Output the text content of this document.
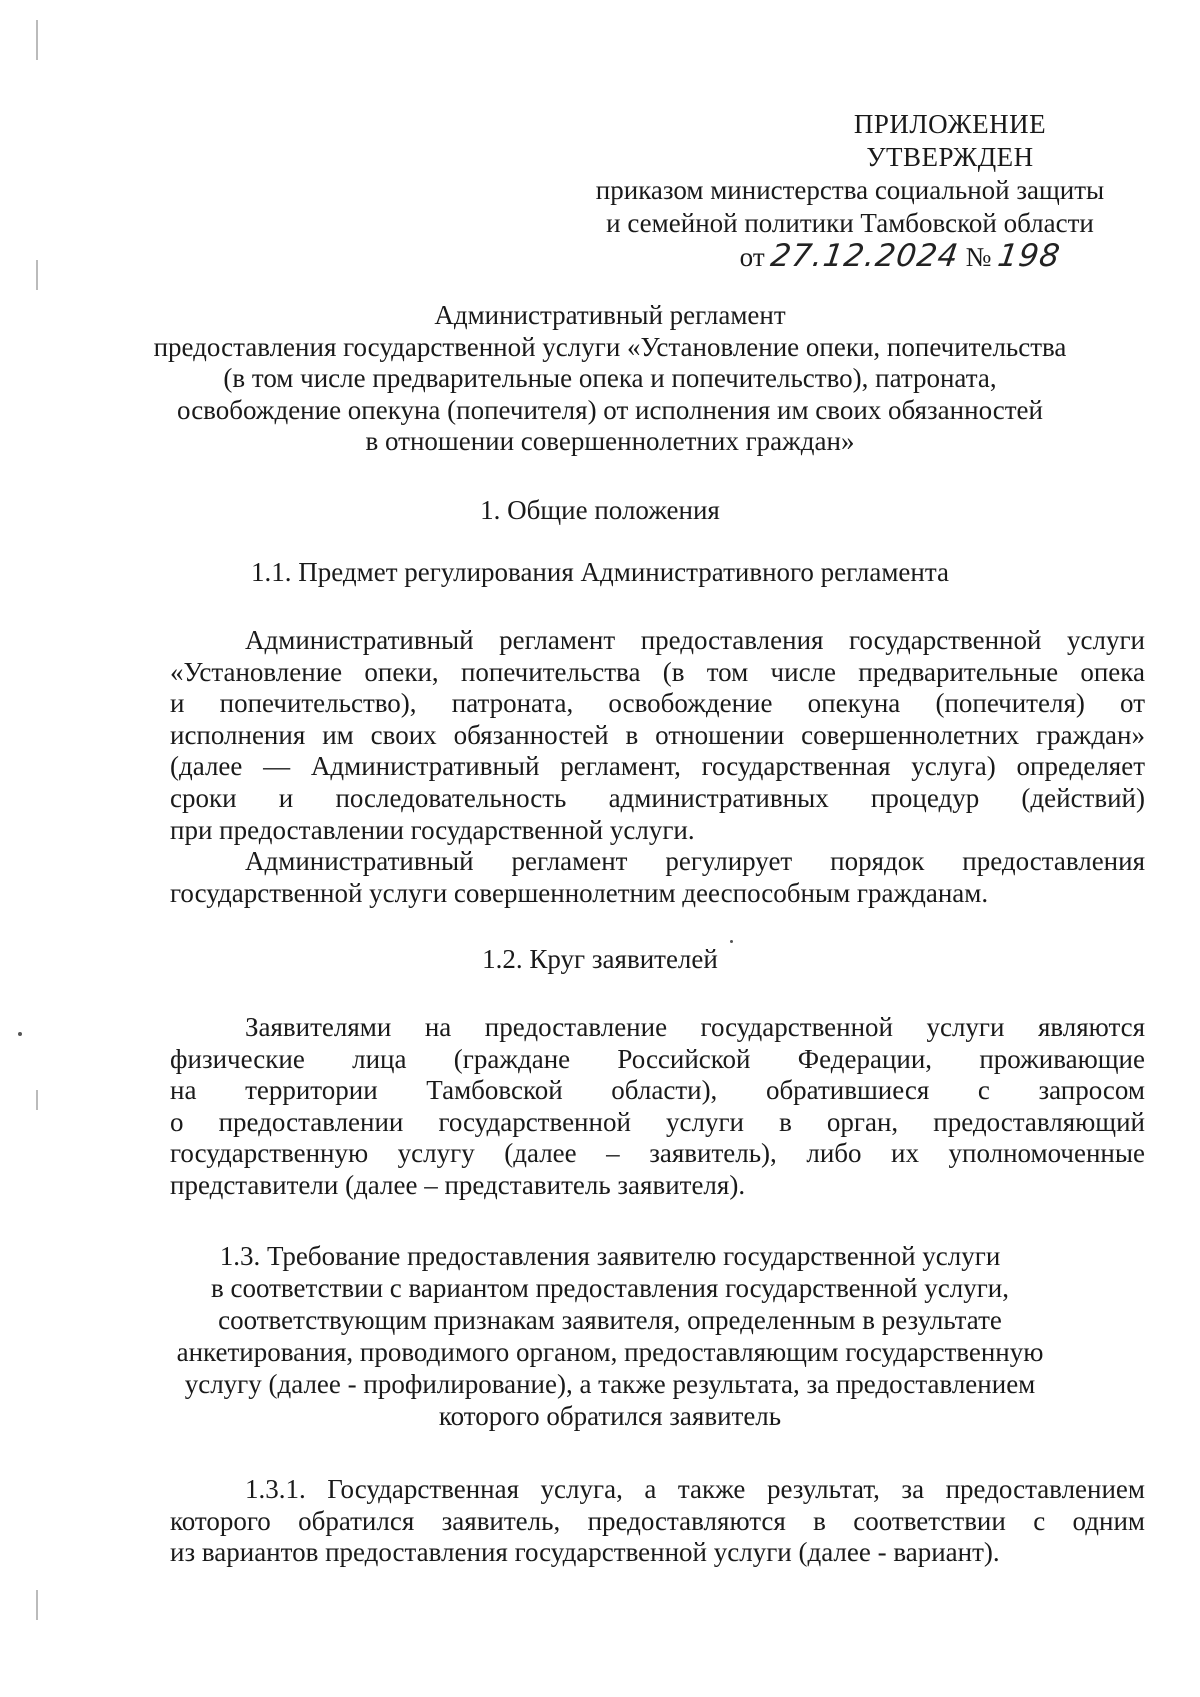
ПРИЛОЖЕНИЕ
УТВЕРЖДЕН
приказом министерства социальной защиты
и семейной политики Тамбовской области
от 27.12.2024 № 198
Административный регламент
предоставления государственной услуги «Установление опеки, попечительства
(в том числе предварительные опека и попечительство), патроната,
освобождение опекуна (попечителя) от исполнения им своих обязанностей
в отношении совершеннолетних граждан»
1. Общие положения
1.1. Предмет регулирования Административного регламента
Административный регламент предоставления государственной услуги
«Установление опеки, попечительства (в том числе предварительные опека
и попечительство), патроната, освобождение опекуна (попечителя) от
исполнения им своих обязанностей в отношении совершеннолетних граждан»
(далее — Административный регламент, государственная услуга) определяет
сроки и последовательность административных процедур (действий)
при предоставлении государственной услуги.
Административный регламент регулирует порядок предоставления
государственной услуги совершеннолетним дееспособным гражданам.
1.2. Круг заявителей
Заявителями на предоставление государственной услуги являются
физические лица (граждане Российской Федерации, проживающие
на территории Тамбовской области), обратившиеся с запросом
о предоставлении государственной услуги в орган, предоставляющий
государственную услугу (далее – заявитель), либо их уполномоченные
представители (далее – представитель заявителя).
1.3. Требование предоставления заявителю государственной услуги
в соответствии с вариантом предоставления государственной услуги,
соответствующим признакам заявителя, определенным в результате
анкетирования, проводимого органом, предоставляющим государственную
услугу (далее - профилирование), а также результата, за предоставлением
которого обратился заявитель
1.3.1. Государственная услуга, а также результат, за предоставлением
которого обратился заявитель, предоставляются в соответствии с одним
из вариантов предоставления государственной услуги (далее - вариант).
